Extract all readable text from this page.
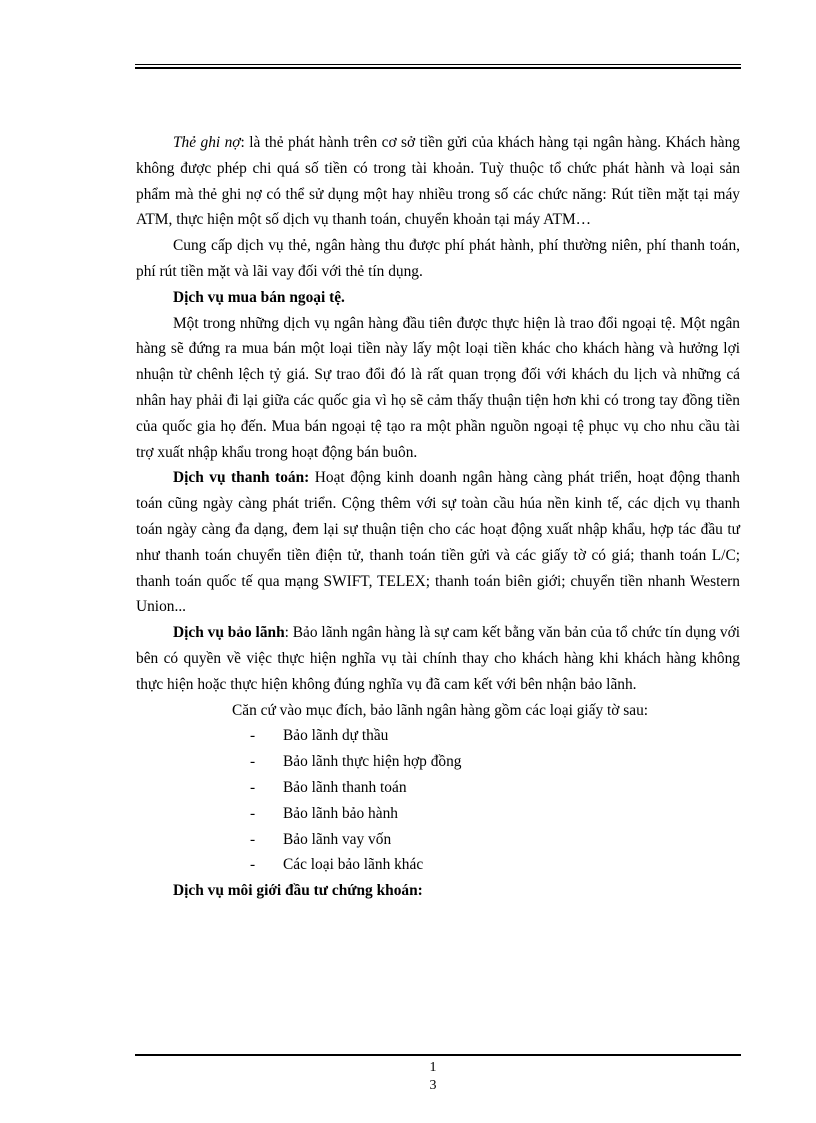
Thẻ ghi nợ: là thẻ phát hành trên cơ sở tiền gửi của khách hàng tại ngân hàng. Khách hàng không được phép chi quá số tiền có trong tài khoản. Tuỳ thuộc tổ chức phát hành và loại sản phẩm mà thẻ ghi nợ có thể sử dụng một hay nhiều trong số các chức năng: Rút tiền mặt tại máy ATM, thực hiện một số dịch vụ thanh toán, chuyển khoản tại máy ATM…

Cung cấp dịch vụ thẻ, ngân hàng thu được phí phát hành, phí thường niên, phí thanh toán, phí rút tiền mặt và lãi vay đối với thẻ tín dụng.

Dịch vụ mua bán ngoại tệ.

Một trong những dịch vụ ngân hàng đầu tiên được thực hiện là trao đổi ngoại tệ. Một ngân hàng sẽ đứng ra mua bán một loại tiền này lấy một loại tiền khác cho khách hàng và hưởng lợi nhuận từ chênh lệch tỷ giá. Sự trao đổi đó là rất quan trọng đối với khách du lịch và những cá nhân hay phải đi lại giữa các quốc gia vì họ sẽ cảm thấy thuận tiện hơn khi có trong tay đồng tiền của quốc gia họ đến. Mua bán ngoại tệ tạo ra một phần nguồn ngoại tệ phục vụ cho nhu cầu tài trợ xuất nhập khẩu trong hoạt động bán buôn.

Dịch vụ thanh toán: Hoạt động kinh doanh ngân hàng càng phát triển, hoạt động thanh toán cũng ngày càng phát triển. Cộng thêm với sự toàn cầu húa nền kinh tế, các dịch vụ thanh toán ngày càng đa dạng, đem lại sự thuận tiện cho các hoạt động xuất nhập khẩu, hợp tác đầu tư như thanh toán chuyển tiền điện tử, thanh toán tiền gửi và các giấy tờ có giá; thanh toán L/C; thanh toán quốc tế qua mạng SWIFT, TELEX; thanh toán biên giới; chuyển tiền nhanh Western Union...

Dịch vụ bảo lãnh: Bảo lãnh ngân hàng là sự cam kết bằng văn bản của tổ chức tín dụng với bên có quyền về việc thực hiện nghĩa vụ tài chính thay cho khách hàng khi khách hàng không thực hiện hoặc thực hiện không đúng nghĩa vụ đã cam kết với bên nhận bảo lãnh.

Căn cứ vào mục đích, bảo lãnh ngân hàng gồm các loại giấy tờ sau:

- Bảo lãnh dự thầu
- Bảo lãnh thực hiện hợp đồng
- Bảo lãnh thanh toán
- Bảo lãnh bảo hành
- Bảo lãnh vay vốn
- Các loại bảo lãnh khác

Dịch vụ môi giới đầu tư chứng khoán:

1
3
